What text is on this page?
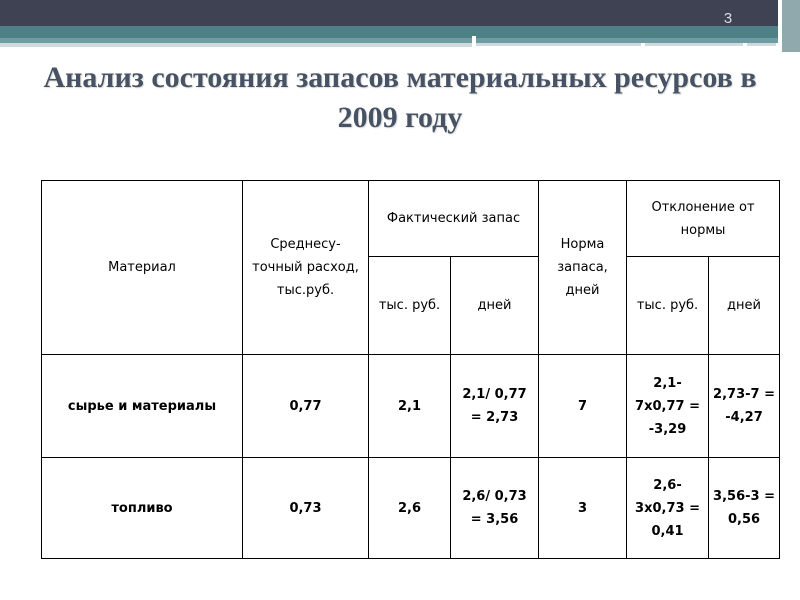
3
Анализ состояния запасов материальных ресурсов в 2009 году
Материал	Среднесу-точный расход, тыс.руб.	Фактический запас		Норма запаса, дней	Отклонение от нормы	
		тыс. руб.	дней		тыс. руб.	дней
сырье и материалы	0,77	2,1	2,1/ 0,77 = 2,73	7	2,1-7x0,77 = -3,29	2,73-7 = -4,27
топливо	0,73	2,6	2,6/ 0,73 = 3,56	3	2,6-3x0,73 = 0,41	3,56-3 = 0,56
